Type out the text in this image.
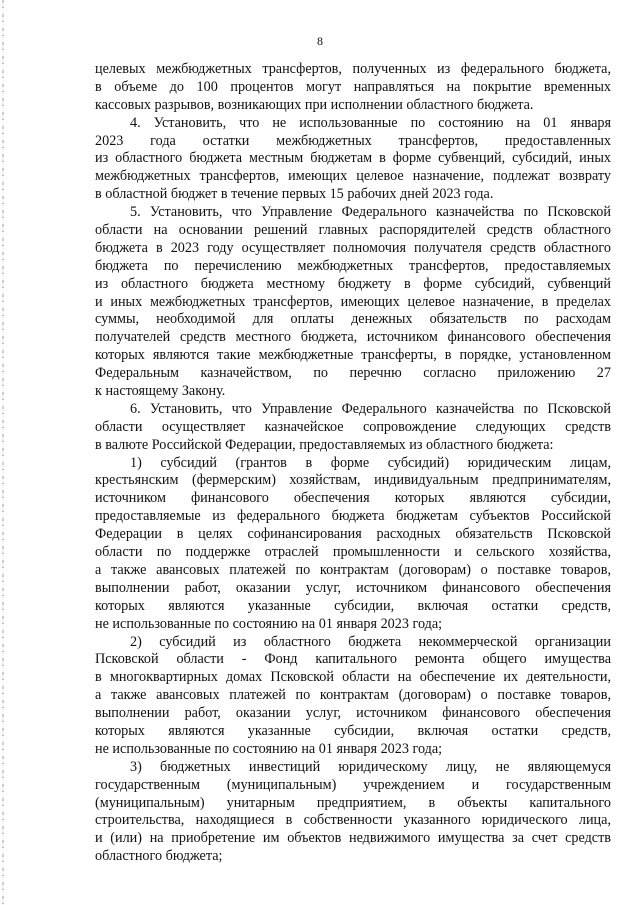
8
целевых межбюджетных трансфертов, полученных из федерального бюджета,
в объеме до 100 процентов могут направляться на покрытие временных
кассовых разрывов, возникающих при исполнении областного бюджета.
4. Установить, что не использованные по состоянию на 01 января
2023 года остатки межбюджетных трансфертов, предоставленных
из областного бюджета местным бюджетам в форме субвенций, субсидий, иных
межбюджетных трансфертов, имеющих целевое назначение, подлежат возврату
в областной бюджет в течение первых 15 рабочих дней 2023 года.
5. Установить, что Управление Федерального казначейства по Псковской
области на основании решений главных распорядителей средств областного
бюджета в 2023 году осуществляет полномочия получателя средств областного
бюджета по перечислению межбюджетных трансфертов, предоставляемых
из областного бюджета местному бюджету в форме субсидий, субвенций
и иных межбюджетных трансфертов, имеющих целевое назначение, в пределах
суммы, необходимой для оплаты денежных обязательств по расходам
получателей средств местного бюджета, источником финансового обеспечения
которых являются такие межбюджетные трансферты, в порядке, установленном
Федеральным казначейством, по перечню согласно приложению 27
к настоящему Закону.
6. Установить, что Управление Федерального казначейства по Псковской
области осуществляет казначейское сопровождение следующих средств
в валюте Российской Федерации, предоставляемых из областного бюджета:
1) субсидий (грантов в форме субсидий) юридическим лицам,
крестьянским (фермерским) хозяйствам, индивидуальным предпринимателям,
источником финансового обеспечения которых являются субсидии,
предоставляемые из федерального бюджета бюджетам субъектов Российской
Федерации в целях софинансирования расходных обязательств Псковской
области по поддержке отраслей промышленности и сельского хозяйства,
а также авансовых платежей по контрактам (договорам) о поставке товаров,
выполнении работ, оказании услуг, источником финансового обеспечения
которых являются указанные субсидии, включая остатки средств,
не использованные по состоянию на 01 января 2023 года;
2) субсидий из областного бюджета некоммерческой организации
Псковской области - Фонд капитального ремонта общего имущества
в многоквартирных домах Псковской области на обеспечение их деятельности,
а также авансовых платежей по контрактам (договорам) о поставке товаров,
выполнении работ, оказании услуг, источником финансового обеспечения
которых являются указанные субсидии, включая остатки средств,
не использованные по состоянию на 01 января 2023 года;
3) бюджетных инвестиций юридическому лицу, не являющемуся
государственным (муниципальным) учреждением и государственным
(муниципальным) унитарным предприятием, в объекты капитального
строительства, находящиеся в собственности указанного юридического лица,
и (или) на приобретение им объектов недвижимого имущества за счет средств
областного бюджета;
